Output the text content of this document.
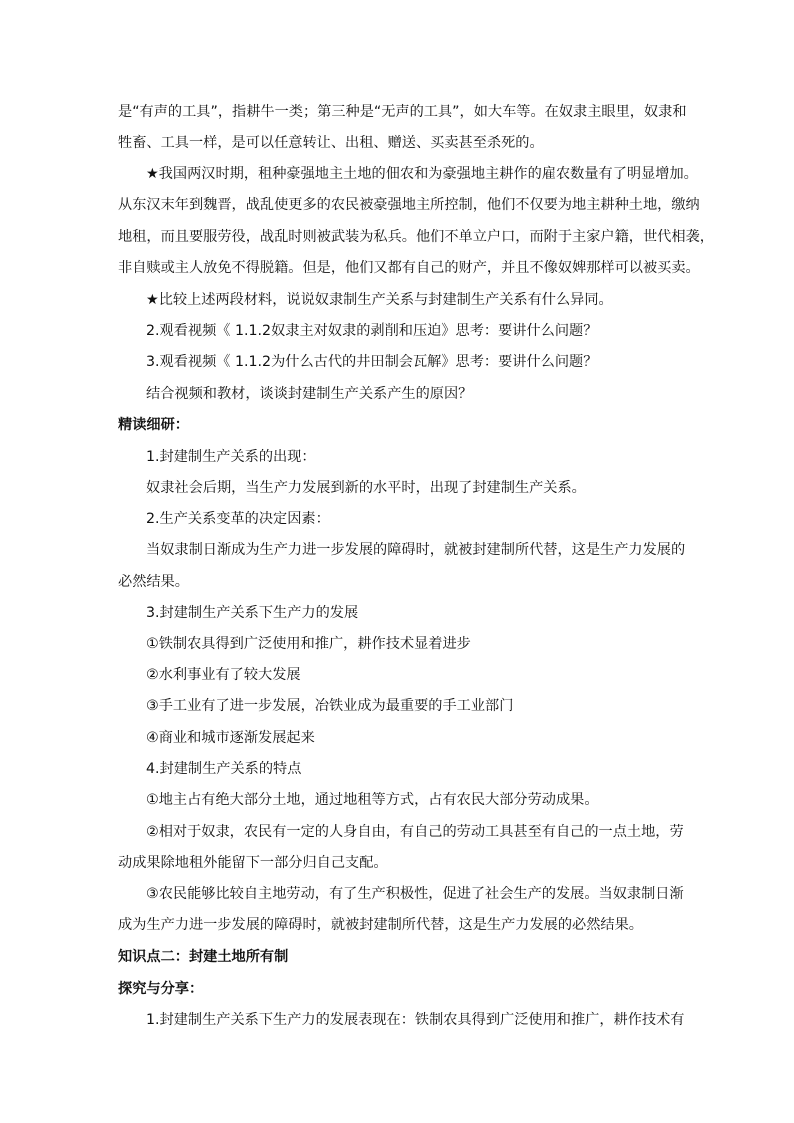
是“有声的工具”，指耕牛一类；第三种是“无声的工具”，如大车等。在奴隶主眼里，奴隶和
牲畜、工具一样，是可以任意转让、出租、赠送、买卖甚至杀死的。
★我国两汉时期，租种豪强地主土地的佃农和为豪强地主耕作的雇农数量有了明显增加。
从东汉末年到魏晋，战乱使更多的农民被豪强地主所控制，他们不仅要为地主耕种土地，缴纳
地租，而且要服劳役，战乱时则被武装为私兵。他们不单立户口，而附于主家户籍，世代相袭，
非自赎或主人放免不得脱籍。但是，他们又都有自己的财产，并且不像奴婢那样可以被买卖。
★比较上述两段材料，说说奴隶制生产关系与封建制生产关系有什么异同。
2.观看视频《 1.1.2奴隶主对奴隶的剥削和压迫》思考：要讲什么问题？
3.观看视频《 1.1.2为什么古代的井田制会瓦解》思考：要讲什么问题？
结合视频和教材，谈谈封建制生产关系产生的原因？
精读细研：
1.封建制生产关系的出现：
奴隶社会后期，当生产力发展到新的水平时，出现了封建制生产关系。
2.生产关系变革的决定因素：
当奴隶制日渐成为生产力进一步发展的障碍时，就被封建制所代替，这是生产力发展的
必然结果。
3.封建制生产关系下生产力的发展
①铁制农具得到广泛使用和推广，耕作技术显着进步
②水利事业有了较大发展
③手工业有了进一步发展，冶铁业成为最重要的手工业部门
④商业和城市逐渐发展起来
4.封建制生产关系的特点
①地主占有绝大部分土地，通过地租等方式，占有农民大部分劳动成果。
②相对于奴隶，农民有一定的人身自由，有自己的劳动工具甚至有自己的一点土地，劳
动成果除地租外能留下一部分归自己支配。
③农民能够比较自主地劳动，有了生产积极性，促进了社会生产的发展。当奴隶制日渐
成为生产力进一步发展的障碍时，就被封建制所代替，这是生产力发展的必然结果。
知识点二：封建土地所有制
探究与分享：
1.封建制生产关系下生产力的发展表现在：铁制农具得到广泛使用和推广，耕作技术有
